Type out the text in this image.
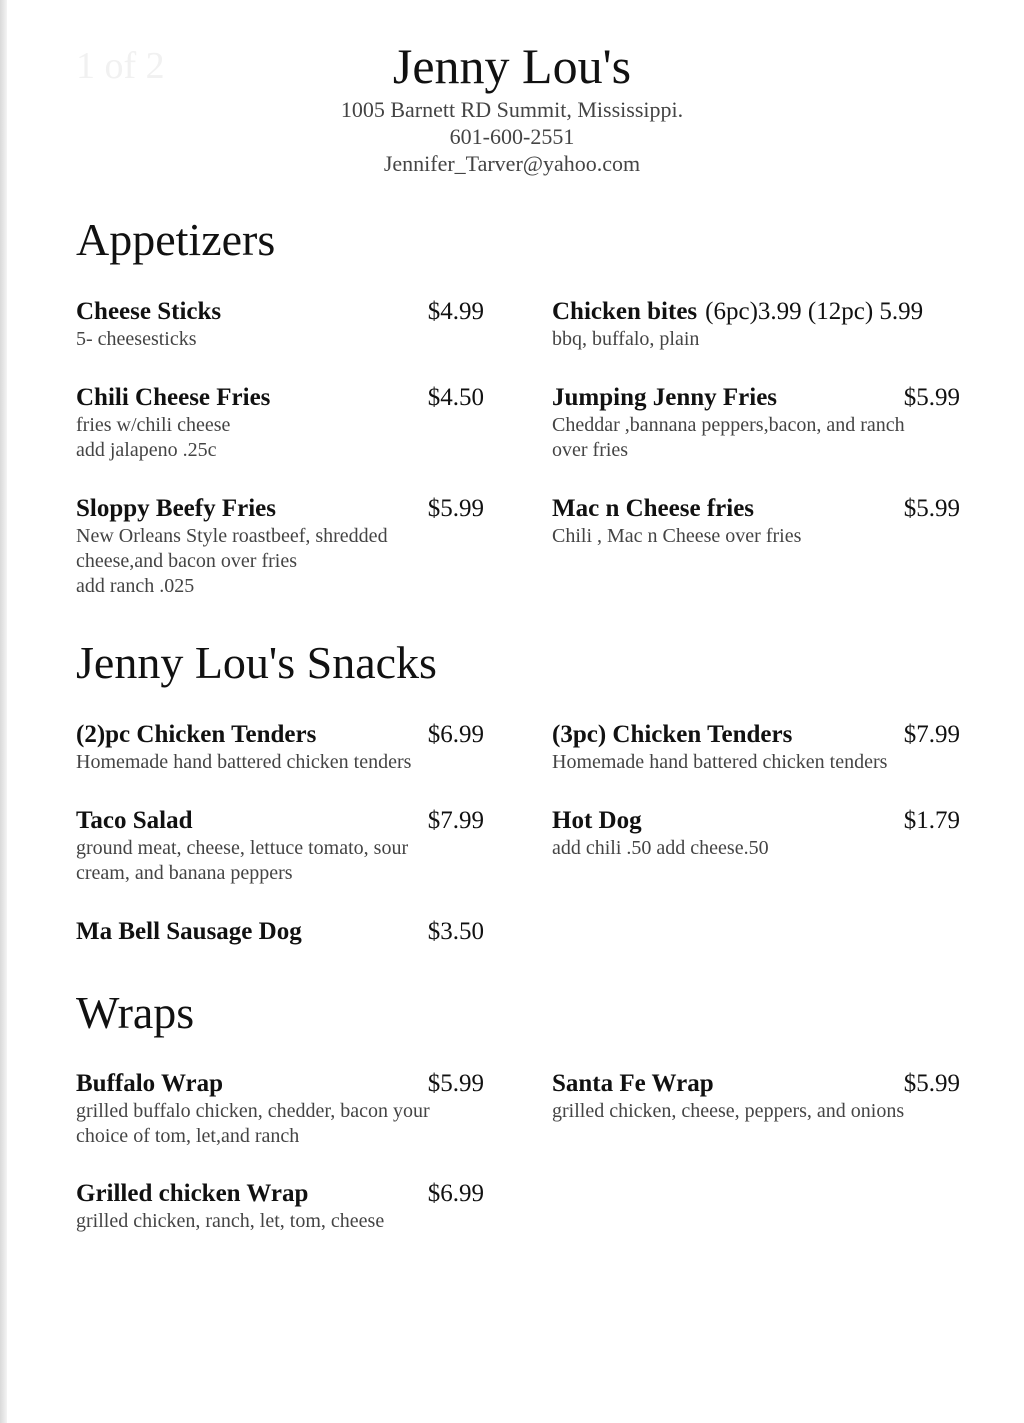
1 of 2	Jenny Lou's
1005 Barnett RD Summit, Mississippi.
601-600-2551
Jennifer_Tarver@yahoo.com
Appetizers
Cheese Sticks	$4.99
5- cheesesticks
Chicken bites (6pc)3.99 (12pc) 5.99
bbq, buffalo, plain
Chili Cheese Fries	$4.50
fries w/chili cheese
add jalapeno .25c
Jumping Jenny Fries	$5.99
Cheddar ,bannana peppers,bacon, and ranch
over fries
Sloppy Beefy Fries	$5.99
New Orleans Style roastbeef, shredded
cheese,and bacon over fries
add ranch .025
Mac n Cheese fries	$5.99
Chili , Mac n Cheese over fries
Jenny Lou's Snacks
(2)pc Chicken Tenders	$6.99
Homemade hand battered chicken tenders
(3pc) Chicken Tenders	$7.99
Homemade hand battered chicken tenders
Taco Salad	$7.99
ground meat, cheese, lettuce tomato, sour
cream, and banana peppers
Hot Dog	$1.79
add chili .50 add cheese.50
Ma Bell Sausage Dog	$3.50
Wraps
Buffalo Wrap	$5.99
grilled buffalo chicken, chedder, bacon your
choice of tom, let,and ranch
Santa Fe Wrap	$5.99
grilled chicken, cheese, peppers, and onions
Grilled chicken Wrap	$6.99
grilled chicken, ranch, let, tom, cheese
